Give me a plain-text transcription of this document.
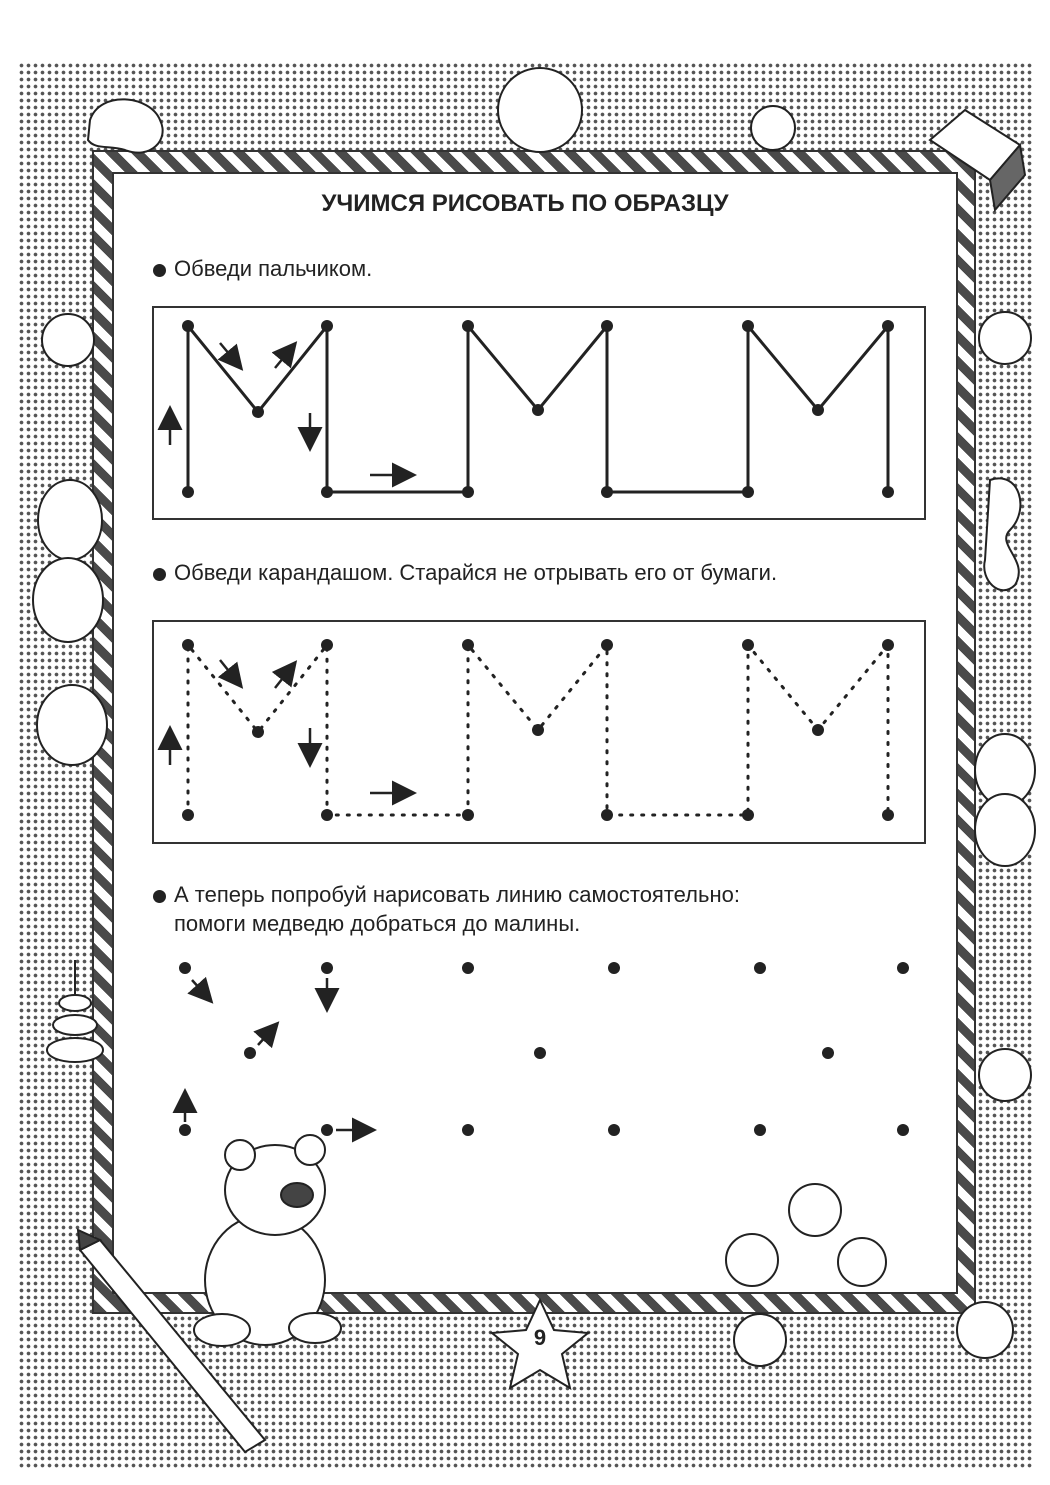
УЧИМСЯ РИСОВАТЬ ПО ОБРАЗЦУ

Обведи пальчиком.

Обведи карандашом. Старайся не отрывать его от бумаги.

А теперь попробуй нарисовать линию самостоятельно:
помоги медведю добраться до малины.

9
